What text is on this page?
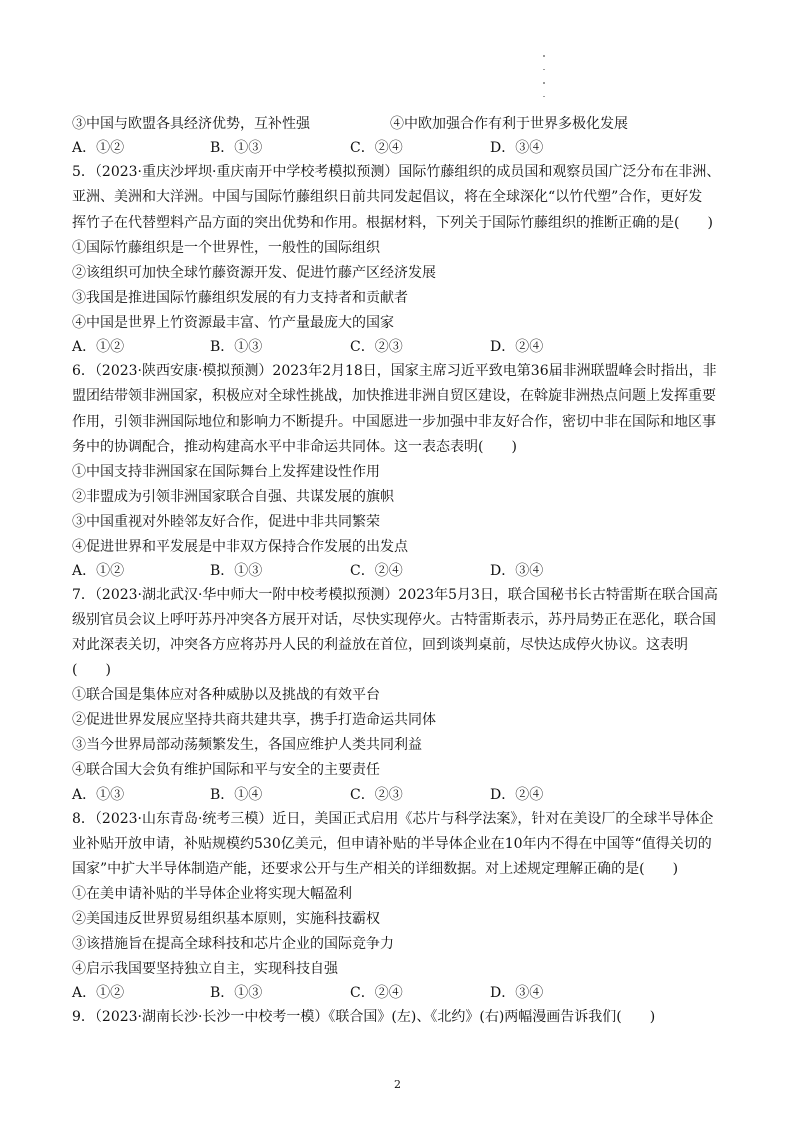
③中国与欧盟各具经济优势，互补性强	④中欧加强合作有利于世界多极化发展
A．①②	B．①③	C．②④	D．③④
5．（2023·重庆沙坪坝·重庆南开中学校考模拟预测）国际竹藤组织的成员国和观察员国广泛分布在非洲、
亚洲、美洲和大洋洲。中国与国际竹藤组织日前共同发起倡议，将在全球深化“以竹代塑”合作，更好发
挥竹子在代替塑料产品方面的突出优势和作用。根据材料，下列关于国际竹藤组织的推断正确的是(　　)
①国际竹藤组织是一个世界性，一般性的国际组织
②该组织可加快全球竹藤资源开发、促进竹藤产区经济发展
③我国是推进国际竹藤组织发展的有力支持者和贡献者
④中国是世界上竹资源最丰富、竹产量最庞大的国家
A．①②	B．①③	C．②③	D．②④
6．（2023·陕西安康·模拟预测）2023年2月18日，国家主席习近平致电第36届非洲联盟峰会时指出，非
盟团结带领非洲国家，积极应对全球性挑战，加快推进非洲自贸区建设，在斡旋非洲热点问题上发挥重要
作用，引领非洲国际地位和影响力不断提升。中国愿进一步加强中非友好合作，密切中非在国际和地区事
务中的协调配合，推动构建高水平中非命运共同体。这一表态表明(　　)
①中国支持非洲国家在国际舞台上发挥建设性作用
②非盟成为引领非洲国家联合自强、共谋发展的旗帜
③中国重视对外睦邻友好合作，促进中非共同繁荣
④促进世界和平发展是中非双方保持合作发展的出发点
A．①②	B．①③	C．②④	D．③④
7．（2023·湖北武汉·华中师大一附中校考模拟预测）2023年5月3日，联合国秘书长古特雷斯在联合国高
级别官员会议上呼吁苏丹冲突各方展开对话，尽快实现停火。古特雷斯表示，苏丹局势正在恶化，联合国
对此深表关切，冲突各方应将苏丹人民的利益放在首位，回到谈判桌前，尽快达成停火协议。这表明
(　　)
①联合国是集体应对各种威胁以及挑战的有效平台
②促进世界发展应坚持共商共建共享，携手打造命运共同体
③当今世界局部动荡频繁发生，各国应维护人类共同利益
④联合国大会负有维护国际和平与安全的主要责任
A．①③	B．①④	C．②③	D．②④
8．（2023·山东青岛·统考三模）近日，美国正式启用《芯片与科学法案》，针对在美设厂的全球半导体企
业补贴开放申请，补贴规模约530亿美元，但申请补贴的半导体企业在10年内不得在中国等“值得关切的
国家”中扩大半导体制造产能，还要求公开与生产相关的详细数据。对上述规定理解正确的是(　　)
①在美申请补贴的半导体企业将实现大幅盈利
②美国违反世界贸易组织基本原则，实施科技霸权
③该措施旨在提高全球科技和芯片企业的国际竞争力
④启示我国要坚持独立自主，实现科技自强
A．①②	B．①③	C．②④	D．③④
9．（2023·湖南长沙·长沙一中校考一模）《联合国》(左)、《北约》(右)两幅漫画告诉我们(　　)
2
